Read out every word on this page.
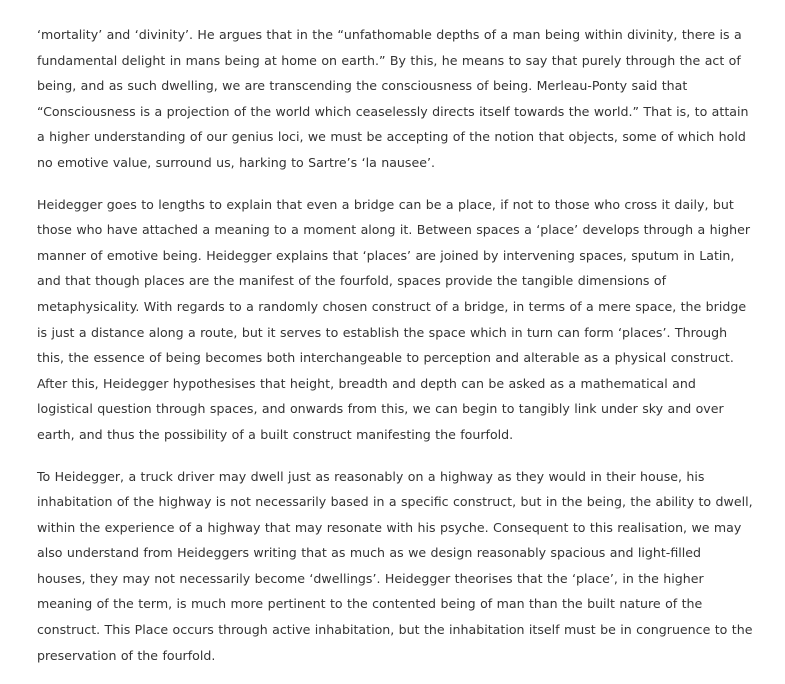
‘mortality’ and ‘divinity’. He argues that in the “unfathomable depths of a man being within divinity, there is a fundamental delight in mans being at home on earth.” By this, he means to say that purely through the act of being, and as such dwelling, we are transcending the consciousness of being. Merleau-Ponty said that “Consciousness is a projection of the world which ceaselessly directs itself towards the world.” That is, to attain a higher understanding of our genius loci, we must be accepting of the notion that objects, some of which hold no emotive value, surround us, harking to Sartre’s ‘la nausee’.

Heidegger goes to lengths to explain that even a bridge can be a place, if not to those who cross it daily, but those who have attached a meaning to a moment along it. Between spaces a ‘place’ develops through a higher manner of emotive being. Heidegger explains that ‘places’ are joined by intervening spaces, sputum in Latin, and that though places are the manifest of the fourfold, spaces provide the tangible dimensions of metaphysicality. With regards to a randomly chosen construct of a bridge, in terms of a mere space, the bridge is just a distance along a route, but it serves to establish the space which in turn can form ‘places’. Through this, the essence of being becomes both interchangeable to perception and alterable as a physical construct. After this, Heidegger hypothesises that height, breadth and depth can be asked as a mathematical and logistical question through spaces, and onwards from this, we can begin to tangibly link under sky and over earth, and thus the possibility of a built construct manifesting the fourfold.

To Heidegger, a truck driver may dwell just as reasonably on a highway as they would in their house, his inhabitation of the highway is not necessarily based in a specific construct, but in the being, the ability to dwell, within the experience of a highway that may resonate with his psyche. Consequent to this realisation, we may also understand from Heideggers writing that as much as we design reasonably spacious and light-filled houses, they may not necessarily become ‘dwellings’. Heidegger theorises that the ‘place’, in the higher meaning of the term, is much more pertinent to the contented being of man than the built nature of the construct. This Place occurs through active inhabitation, but the inhabitation itself must be in congruence to the preservation of the fourfold.
